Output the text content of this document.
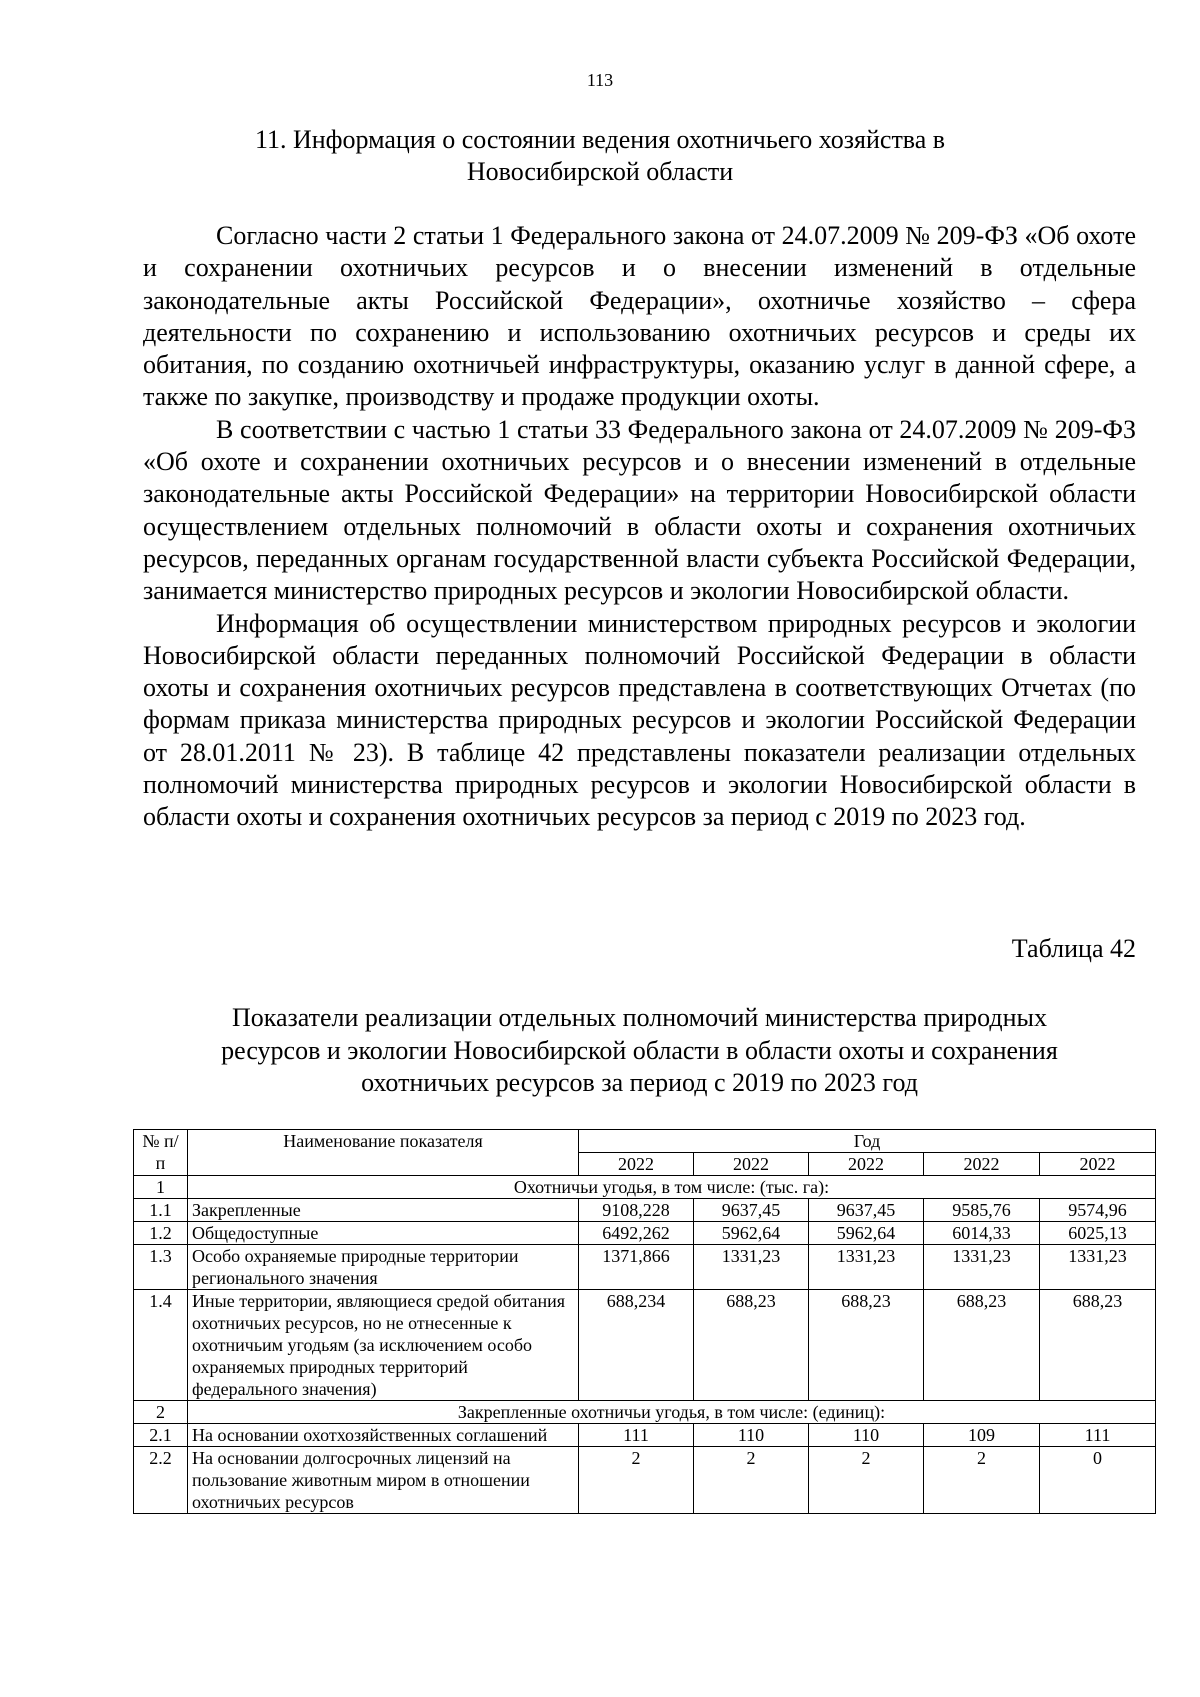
113
11. Информация о состоянии ведения охотничьего хозяйства в
Новосибирской области

Согласно части 2 статьи 1 Федерального закона от 24.07.2009 № 209-ФЗ «Об охоте и сохранении охотничьих ресурсов и о внесении изменений в отдельные законодательные акты Российской Федерации», охотничье хозяйство – сфера деятельности по сохранению и использованию охотничьих ресурсов и среды их обитания, по созданию охотничьей инфраструктуры, оказанию услуг в данной сфере, а также по закупке, производству и продаже продукции охоты.

В соответствии с частью 1 статьи 33 Федерального закона от 24.07.2009 № 209-ФЗ «Об охоте и сохранении охотничьих ресурсов и о внесении изменений в отдельные законодательные акты Российской Федерации» на территории Новосибирской области осуществлением отдельных полномочий в области охоты и сохранения охотничьих ресурсов, переданных органам государственной власти субъекта Российской Федерации, занимается министерство природных ресурсов и экологии Новосибирской области.

Информация об осуществлении министерством природных ресурсов и экологии Новосибирской области переданных полномочий Российской Федерации в области охоты и сохранения охотничьих ресурсов представлена в соответствующих Отчетах (по формам приказа министерства природных ресурсов и экологии Российской Федерации от 28.01.2011 № 23). В таблице 42 представлены показатели реализации отдельных полномочий министерства природных ресурсов и экологии Новосибирской области в области охоты и сохранения охотничьих ресурсов за период с 2019 по 2023 год.

Таблица 42
Показатели реализации отдельных полномочий министерства природных
ресурсов и экологии Новосибирской области в области охоты и сохранения
охотничьих ресурсов за период с 2019 по 2023 год
№ п/п	Наименование показателя	Год				
		2022	2022	2022	2022	2022
1	Охотничьи угодья, в том числе: (тыс. га):					
1.1	Закрепленные	9108,228	9637,45	9637,45	9585,76	9574,96
1.2	Общедоступные	6492,262	5962,64	5962,64	6014,33	6025,13
1.3	Особо охраняемые природные территории регионального значения	1371,866	1331,23	1331,23	1331,23	1331,23
1.4	Иные территории, являющиеся средой обитания охотничьих ресурсов, но не отнесенные к охотничьим угодьям (за исключением особо охраняемых природных территорий федерального значения)	688,234	688,23	688,23	688,23	688,23
2	Закрепленные охотничьи угодья, в том числе: (единиц):					
2.1	На основании охотхозяйственных соглашений	111	110	110	109	111
2.2	На основании долгосрочных лицензий на пользование животным миром в отношении охотничьих ресурсов	2	2	2	2	0
